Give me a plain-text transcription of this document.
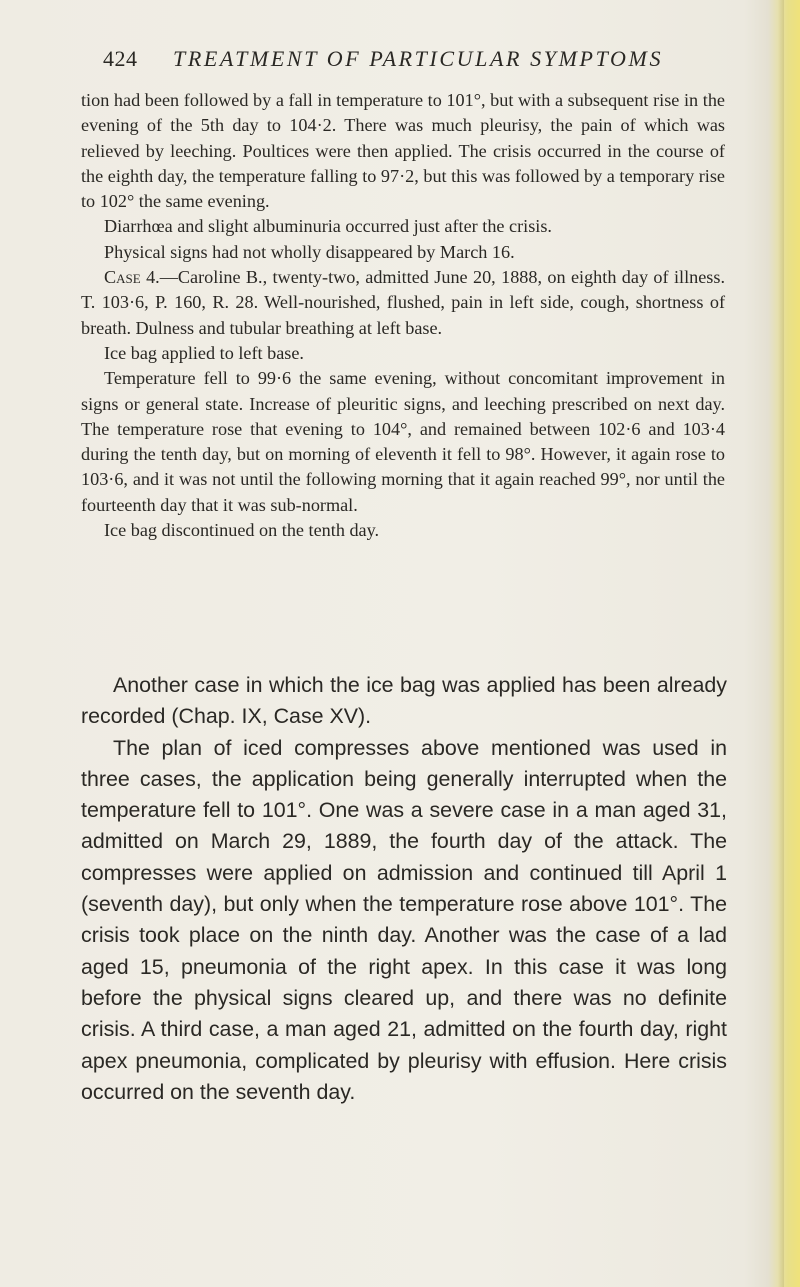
424 TREATMENT OF PARTICULAR SYMPTOMS

tion had been followed by a fall in temperature to 101°, but with a subsequent rise in the evening of the 5th day to 104·2. There was much pleurisy, the pain of which was relieved by leeching. Poultices were then applied. The crisis occurred in the course of the eighth day, the temperature falling to 97·2, but this was followed by a temporary rise to 102° the same evening.

Diarrhœa and slight albuminuria occurred just after the crisis.

Physical signs had not wholly disappeared by March 16.

Case 4.—Caroline B., twenty-two, admitted June 20, 1888, on eighth day of illness. T. 103·6, P. 160, R. 28. Well-nourished, flushed, pain in left side, cough, shortness of breath. Dulness and tubular breathing at left base.

Ice bag applied to left base.

Temperature fell to 99·6 the same evening, without concomitant improvement in signs or general state. Increase of pleuritic signs, and leeching prescribed on next day. The temperature rose that evening to 104°, and remained between 102·6 and 103·4 during the tenth day, but on morning of eleventh it fell to 98°. However, it again rose to 103·6, and it was not until the following morning that it again reached 99°, nor until the fourteenth day that it was sub-normal.

Ice bag discontinued on the tenth day.

Another case in which the ice bag was applied has been already recorded (Chap. IX, Case XV).

The plan of iced compresses above mentioned was used in three cases, the application being generally interrupted when the temperature fell to 101°. One was a severe case in a man aged 31, admitted on March 29, 1889, the fourth day of the attack. The compresses were applied on admission and continued till April 1 (seventh day), but only when the temperature rose above 101°. The crisis took place on the ninth day. Another was the case of a lad aged 15, pneumonia of the right apex. In this case it was long before the physical signs cleared up, and there was no definite crisis. A third case, a man aged 21, admitted on the fourth day, right apex pneumonia, complicated by pleurisy with effusion. Here crisis occurred on the seventh day.
